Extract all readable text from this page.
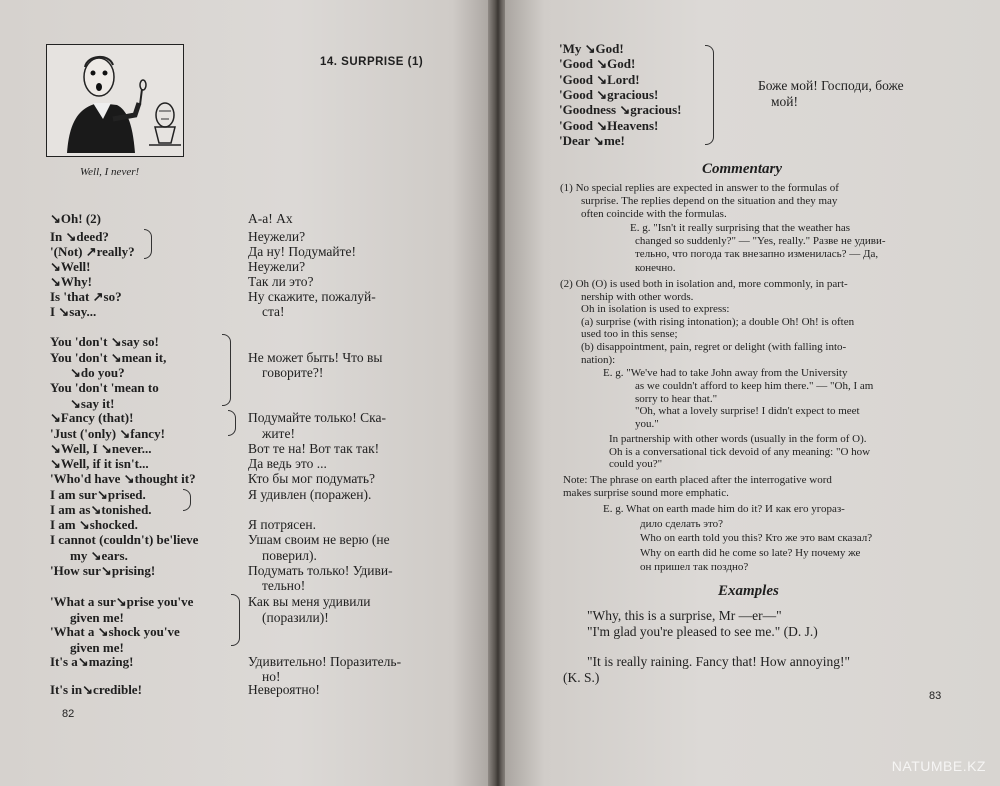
Well, I never!
14. SURPRISE (1)
↘Oh! (2)	А-а! Ах
In ↘deed?	Неужели?
'(Not) ↗really?	Да ну! Подумайте!
↘Well!	Неужели?
↘Why!	Так ли это?
Is 'that ↗so?	Ну скажите, пожалуй-
I ↘say...	ста!
You 'don't ↘say so!
You 'don't ↘mean it,	Не может быть! Что вы
↘do you?	говорите?!
You 'don't 'mean to
↘say it!
↘Fancy (that)!	Подумайте только! Ска-
'Just ('only) ↘fancy!	жите!
↘Well, I ↘never...	Вот те на! Вот так так!
↘Well, if it isn't...	Да ведь это ...
'Who'd have ↘thought it?	Кто бы мог подумать?
I am sur↘prised.	Я удивлен (поражен).
I am as↘tonished.
I am ↘shocked.	Я потрясен.
I cannot (couldn't) be'lieve	Ушам своим не верю (не
my ↘ears.	поверил).
'How sur↘prising!	Подумать только! Удиви-
тельно!
'What a sur↘prise you've	Как вы меня удивили
given me!	(поразили)!
'What a ↘shock you've
given me!
It's a↘mazing!	Удивительно! Поразитель-
но!
It's in↘credible!	Невероятно!
82
'My ↘God!
'Good ↘God!
'Good ↘Lord!
'Good ↘gracious!
'Goodness ↘gracious!
'Good ↘Heavens!
'Dear ↘me!
Боже мой! Господи, боже
мой!
Commentary
(1) No special replies are expected in answer to the formulas of
surprise. The replies depend on the situation and they may
often coincide with the formulas.
E. g. "Isn't it really surprising that the weather has
changed so suddenly?" — "Yes, really." Разве не удиви-
тельно, что погода так внезапно изменилась? — Да,
конечно.
(2) Oh (O) is used both in isolation and, more commonly, in part-
nership with other words.
Oh in isolation is used to express:
(a) surprise (with rising intonation); a double Oh! Oh! is often
used too in this sense;
(b) disappointment, pain, regret or delight (with falling into-
nation):
E. g. "We've had to take John away from the University
as we couldn't afford to keep him there." — "Oh, I am
sorry to hear that."
"Oh, what a lovely surprise! I didn't expect to meet
you."
In partnership with other words (usually in the form of O).
Oh is a conversational tick devoid of any meaning: "O how
could you?"
Note: The phrase on earth placed after the interrogative word
makes surprise sound more emphatic.
E. g. What on earth made him do it? И как его угораз-
дило сделать это?
Who on earth told you this? Кто же это вам сказал?
Why on earth did he come so late? Ну почему же
он пришел так поздно?
Examples
"Why, this is a surprise, Mr —er—"
"I'm glad you're pleased to see me." (D. J.)
"It is really raining. Fancy that! How annoying!"
(K. S.)
83
NATUMBE.KZ
